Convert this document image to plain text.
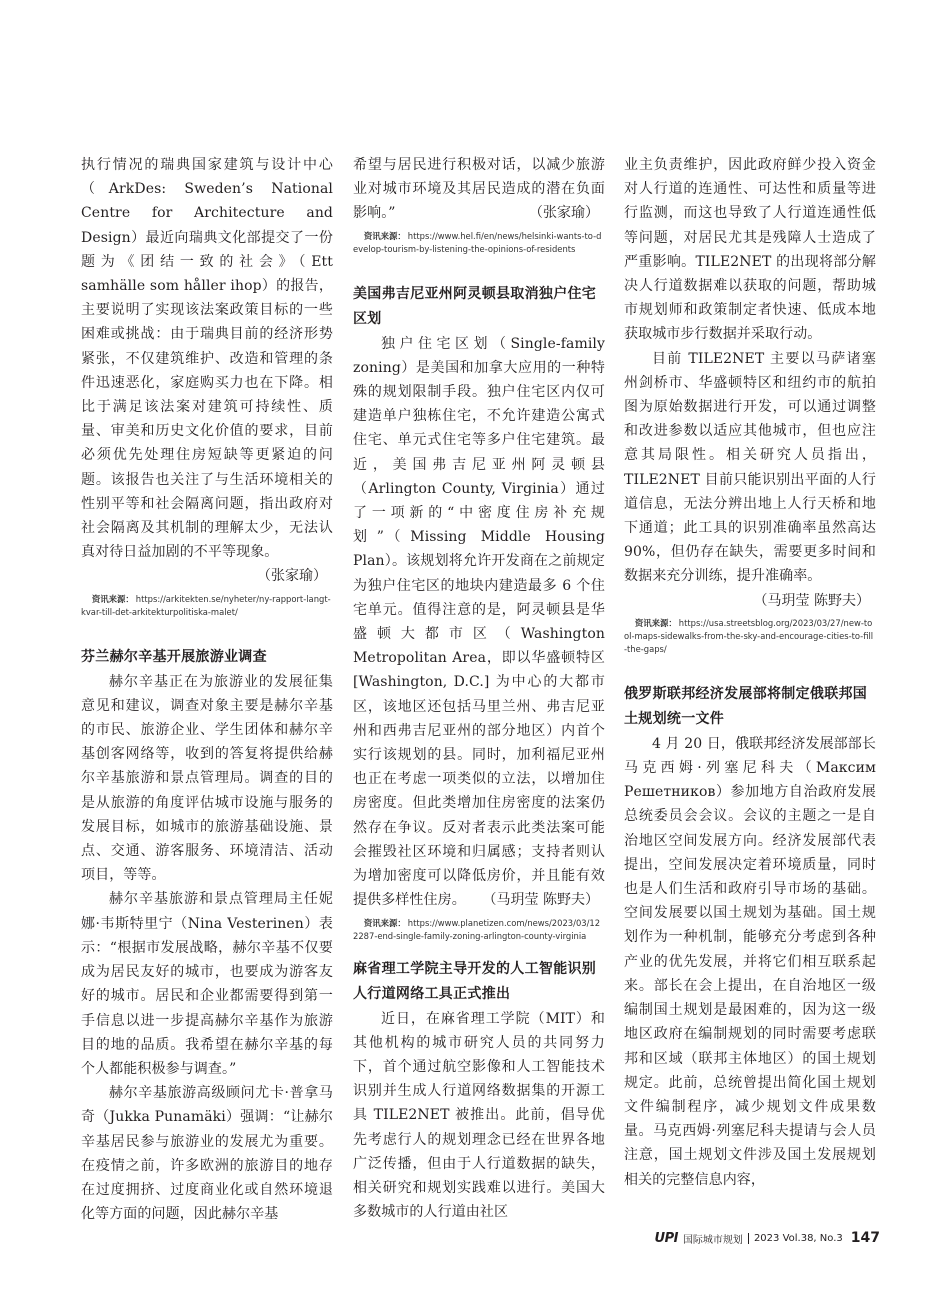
执行情况的瑞典国家建筑与设计中心（ArkDes: Sweden’s National Centre for Architecture and Design）最近向瑞典文化部提交了一份题为《团结一致的社会》（Ett samhälle som håller ihop）的报告，主要说明了实现该法案政策目标的一些困难或挑战：由于瑞典目前的经济形势紧张，不仅建筑维护、改造和管理的条件迅速恶化，家庭购买力也在下降。相比于满足该法案对建筑可持续性、质量、审美和历史文化价值的要求，目前必须优先处理住房短缺等更紧迫的问题。该报告也关注了与生活环境相关的性别平等和社会隔离问题，指出政府对社会隔离及其机制的理解太少，无法认真对待日益加剧的不平等现象。

（张家瑜）

资讯来源： https://arkitekten.se/nyheter/ny-rapport-langt-kvar-till-det-arkitekturpolitiska-malet/

芬兰赫尔辛基开展旅游业调查

赫尔辛基正在为旅游业的发展征集意见和建议，调查对象主要是赫尔辛基的市民、旅游企业、学生团体和赫尔辛基创客网络等，收到的答复将提供给赫尔辛基旅游和景点管理局。调查的目的是从旅游的角度评估城市设施与服务的发展目标，如城市的旅游基础设施、景点、交通、游客服务、环境清洁、活动项目，等等。

赫尔辛基旅游和景点管理局主任妮娜·韦斯特里宁（Nina Vesterinen）表示：“根据市发展战略，赫尔辛基不仅要成为居民友好的城市，也要成为游客友好的城市。居民和企业都需要得到第一手信息以进一步提高赫尔辛基作为旅游目的地的品质。我希望在赫尔辛基的每个人都能积极参与调查。”

赫尔辛基旅游高级顾问尤卡·普拿马奇（Jukka Punamäki）强调：“让赫尔辛基居民参与旅游业的发展尤为重要。在疫情之前，许多欧洲的旅游目的地存在过度拥挤、过度商业化或自然环境退化等方面的问题，因此赫尔辛基

希望与居民进行积极对话，以减少旅游业对城市环境及其居民造成的潜在负面影响。”	（张家瑜）

资讯来源： https://www.hel.fi/en/news/helsinki-wants-to-develop-tourism-by-listening-the-opinions-of-residents

美国弗吉尼亚州阿灵顿县取消独户住宅区划

独户住宅区划（Single-family zoning）是美国和加拿大应用的一种特殊的规划限制手段。独户住宅区内仅可建造单户独栋住宅，不允许建造公寓式住宅、单元式住宅等多户住宅建筑。最近，美国弗吉尼亚州阿灵顿县（Arlington County, Virginia）通过了一项新的“中密度住房补充规划”（Missing Middle Housing Plan）。该规划将允许开发商在之前规定为独户住宅区的地块内建造最多 6 个住宅单元。值得注意的是，阿灵顿县是华盛顿大都市区（Washington Metropolitan Area，即以华盛顿特区 [Washington, D.C.] 为中心的大都市区，该地区还包括马里兰州、弗吉尼亚州和西弗吉尼亚州的部分地区）内首个实行该规划的县。同时，加利福尼亚州也正在考虑一项类似的立法，以增加住房密度。但此类增加住房密度的法案仍然存在争议。反对者表示此类法案可能会摧毁社区环境和归属感；支持者则认为增加密度可以降低房价，并且能有效提供多样性住房。	（马玥莹 陈野夫）

资讯来源： https://www.planetizen.com/news/2023/03/122287-end-single-family-zoning-arlington-county-virginia

麻省理工学院主导开发的人工智能识别人行道网络工具正式推出

近日，在麻省理工学院（MIT）和其他机构的城市研究人员的共同努力下，首个通过航空影像和人工智能技术识别并生成人行道网络数据集的开源工具 TILE2NET 被推出。此前，倡导优先考虑行人的规划理念已经在世界各地广泛传播，但由于人行道数据的缺失，相关研究和规划实践难以进行。美国大多数城市的人行道由社区

业主负责维护，因此政府鲜少投入资金对人行道的连通性、可达性和质量等进行监测，而这也导致了人行道连通性低等问题，对居民尤其是残障人士造成了严重影响。TILE2NET 的出现将部分解决人行道数据难以获取的问题，帮助城市规划师和政策制定者快速、低成本地获取城市步行数据并采取行动。

目前 TILE2NET 主要以马萨诸塞州剑桥市、华盛顿特区和纽约市的航拍图为原始数据进行开发，可以通过调整和改进参数以适应其他城市，但也应注意其局限性。相关研究人员指出，TILE2NET 目前只能识别出平面的人行道信息，无法分辨出地上人行天桥和地下通道；此工具的识别准确率虽然高达 90%，但仍存在缺失，需要更多时间和数据来充分训练，提升准确率。

（马玥莹 陈野夫）

资讯来源： https://usa.streetsblog.org/2023/03/27/new-tool-maps-sidewalks-from-the-sky-and-encourage-cities-to-fill-the-gaps/

俄罗斯联邦经济发展部将制定俄联邦国土规划统一文件

4 月 20 日，俄联邦经济发展部部长马克西姆·列塞尼科夫（Максим Решетников）参加地方自治政府发展总统委员会会议。会议的主题之一是自治地区空间发展方向。经济发展部代表提出，空间发展决定着环境质量，同时也是人们生活和政府引导市场的基础。空间发展要以国土规划为基础。国土规划作为一种机制，能够充分考虑到各种产业的优先发展，并将它们相互联系起来。部长在会上提出，在自治地区一级编制国土规划是最困难的，因为这一级地区政府在编制规划的同时需要考虑联邦和区域（联邦主体地区）的国土规划规定。此前，总统曾提出简化国土规划文件编制程序，减少规划文件成果数量。马克西姆·列塞尼科夫提请与会人员注意，国土规划文件涉及国土发展规划相关的完整信息内容，

UPI 国际城市规划 2023 Vol.38, No.3 147
